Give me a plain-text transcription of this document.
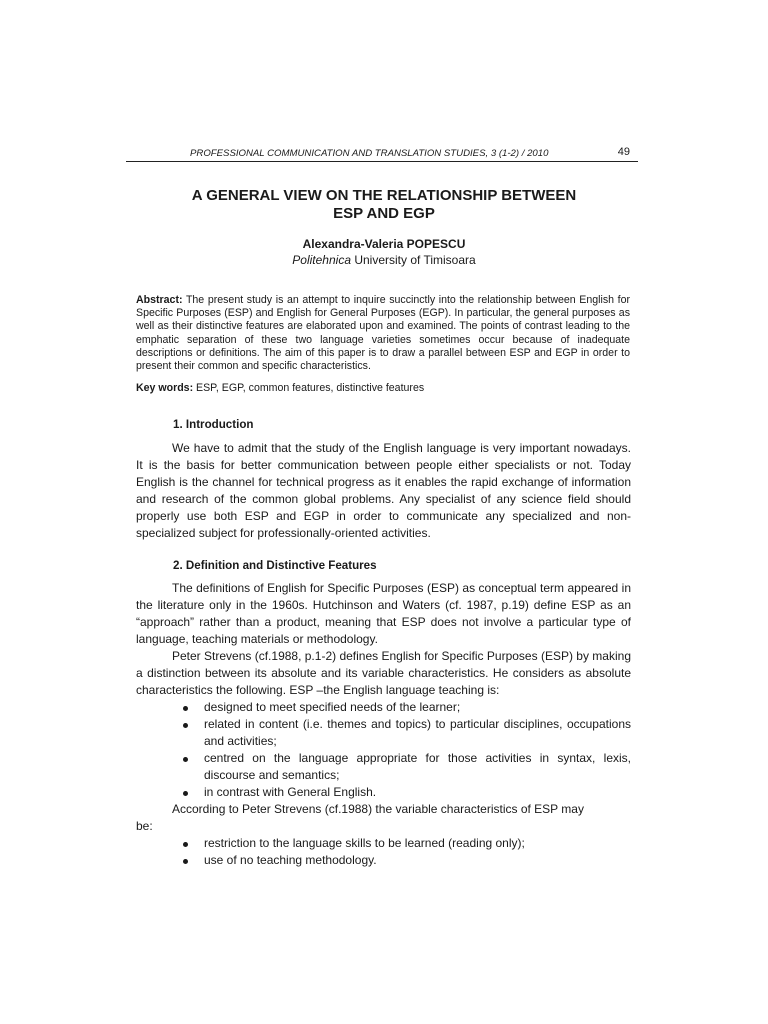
PROFESSIONAL COMMUNICATION AND TRANSLATION STUDIES, 3 (1-2) / 2010	49
A GENERAL VIEW ON THE RELATIONSHIP BETWEEN
ESP AND EGP
Alexandra-Valeria POPESCU
Politehnica University of Timisoara
Abstract: The present study is an attempt to inquire succinctly into the relationship between English for Specific Purposes (ESP) and English for General Purposes (EGP). In particular, the general purposes as well as their distinctive features are elaborated upon and examined. The points of contrast leading to the emphatic separation of these two language varieties sometimes occur because of inadequate descriptions or definitions. The aim of this paper is to draw a parallel between ESP and EGP in order to present their common and specific characteristics.
Key words: ESP, EGP, common features, distinctive features
1. Introduction

We have to admit that the study of the English language is very important nowadays. It is the basis for better communication between people either specialists or not. Today English is the channel for technical progress as it enables the rapid exchange of information and research of the common global problems. Any specialist of any science field should properly use both ESP and EGP in order to communicate any specialized and non- specialized subject for professionally-oriented activities.

2. Definition and Distinctive Features

The definitions of English for Specific Purposes (ESP) as conceptual term appeared in the literature only in the 1960s. Hutchinson and Waters (cf. 1987, p.19) define ESP as an “approach” rather than a product, meaning that ESP does not involve a particular type of language, teaching materials or methodology.

Peter Strevens (cf.1988, p.1-2) defines English for Specific Purposes (ESP) by making a distinction between its absolute and its variable characteristics. He considers as absolute characteristics the following. ESP –the English language teaching is:

designed to meet specified needs of the learner;
related in content (i.e. themes and topics) to particular disciplines, occupations and activities;
centred on the language appropriate for those activities in syntax, lexis, discourse and semantics;
in contrast with General English.

According to Peter Strevens (cf.1988) the variable characteristics of ESP may

be:

restriction to the language skills to be learned (reading only);
use of no teaching methodology.
